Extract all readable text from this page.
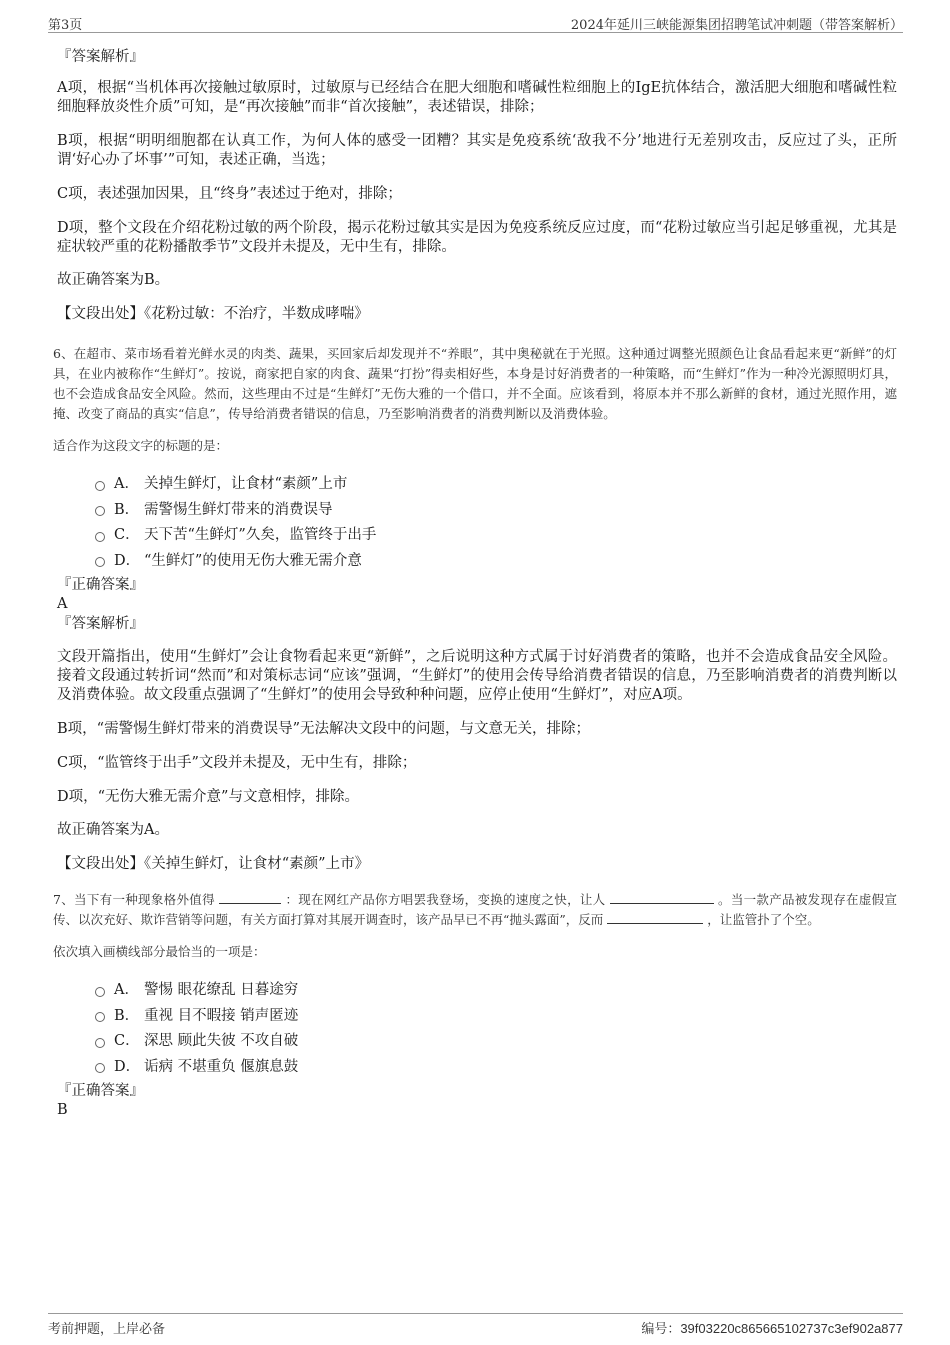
第3页	2024年延川三峡能源集团招聘笔试冲刺题（带答案解析）
『答案解析』

A项，根据“当机体再次接触过敏原时，过敏原与已经结合在肥大细胞和嗜碱性粒细胞上的IgE抗体结合，激活肥大细胞和嗜碱性粒细胞释放炎性介质”可知，是“再次接触”而非“首次接触”，表述错误，排除；

B项，根据“明明细胞都在认真工作，为何人体的感受一团糟？其实是免疫系统‘敌我不分’地进行无差别攻击，反应过了头，正所谓‘好心办了坏事’”可知，表述正确，当选；

C项，表述强加因果，且“终身”表述过于绝对，排除；

D项，整个文段在介绍花粉过敏的两个阶段，揭示花粉过敏其实是因为免疫系统反应过度，而“花粉过敏应当引起足够重视，尤其是症状较严重的花粉播散季节”文段并未提及，无中生有，排除。

故正确答案为B。

【文段出处】《花粉过敏：不治疗，半数成哮喘》

6、在超市、菜市场看着光鲜水灵的肉类、蔬果，买回家后却发现并不“养眼”，其中奥秘就在于光照。这种通过调整光照颜色让食品看起来更“新鲜”的灯具，在业内被称作“生鲜灯”。按说，商家把自家的肉食、蔬果“打扮”得卖相好些，本身是讨好消费者的一种策略，而“生鲜灯”作为一种冷光源照明灯具，也不会造成食品安全风险。然而，这些理由不过是“生鲜灯”无伤大雅的一个借口，并不全面。应该看到，将原本并不那么新鲜的食材，通过光照作用，遮掩、改变了商品的真实“信息”，传导给消费者错误的信息，乃至影响消费者的消费判断以及消费体验。

适合作为这段文字的标题的是：

A． 关掉生鲜灯，让食材“素颜”上市
B． 需警惕生鲜灯带来的消费误导
C． 天下苦“生鲜灯”久矣，监管终于出手
D． “生鲜灯”的使用无伤大雅无需介意
『正确答案』
A
『答案解析』

文段开篇指出，使用“生鲜灯”会让食物看起来更“新鲜”，之后说明这种方式属于讨好消费者的策略，也并不会造成食品安全风险。接着文段通过转折词“然而”和对策标志词“应该”强调，“生鲜灯”的使用会传导给消费者错误的信息，乃至影响消费者的消费判断以及消费体验。故文段重点强调了“生鲜灯”的使用会导致种种问题，应停止使用“生鲜灯”，对应A项。

B项，“需警惕生鲜灯带来的消费误导”无法解决文段中的问题，与文意无关，排除；

C项，“监管终于出手”文段并未提及，无中生有，排除；

D项，“无伤大雅无需介意”与文意相悖，排除。

故正确答案为A。

【文段出处】《关掉生鲜灯，让食材“素颜”上市》

7、当下有一种现象格外值得	：现在网红产品你方唱罢我登场，变换的速度之快，让人	。当一款产品被发现存在虚假宣传、以次充好、欺诈营销等问题，有关方面打算对其展开调查时，该产品早已不再“抛头露面”，反而	，让监管扑了个空。

依次填入画横线部分最恰当的一项是：

A． 警惕 眼花缭乱 日暮途穷
B． 重视 目不暇接 销声匿迹
C． 深思 顾此失彼 不攻自破
D． 诟病 不堪重负 偃旗息鼓
『正确答案』
B
考前押题，上岸必备	编号：39f03220c865665102737c3ef902a877
